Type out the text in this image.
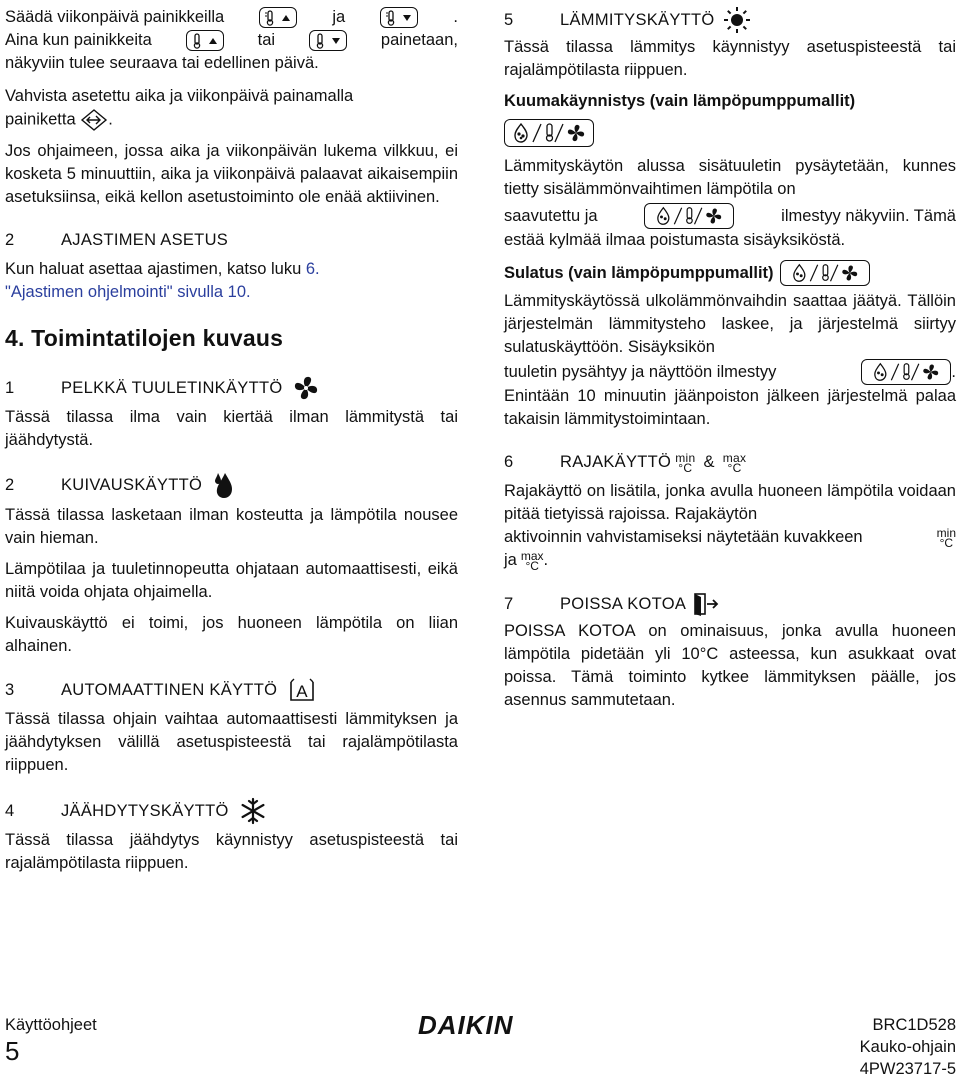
Säädä viikonpäivä painikkeilla	ja	.
Aina kun painikkeita	tai	painetaan,
näkyviin tulee seuraava tai edellinen päivä.

Vahvista asetettu aika ja viikonpäivä painamalla
painiketta .

Jos ohjaimeen, jossa aika ja viikonpäivän lukema vilkkuu, ei kosketa 5 minuuttiin, aika ja viikonpäivä palaavat aikaisempiin asetuksiinsa, eikä kellon asetustoiminto ole enää aktiivinen.

2	AJASTIMEN ASETUS

Kun haluat asettaa ajastimen, katso luku 6.
"Ajastimen ohjelmointi" sivulla 10.

4. Toimintatilojen kuvaus
1	PELKKÄ TUULETINKÄYTTÖ

Tässä tilassa ilma vain kiertää ilman lämmitystä tai jäähdytystä.

2	KUIVAUSKÄYTTÖ

Tässä tilassa lasketaan ilman kosteutta ja lämpötila nousee vain hieman.

Lämpötilaa ja tuuletinnopeutta ohjataan automaattisesti, eikä niitä voida ohjata ohjaimella.

Kuivauskäyttö ei toimi, jos huoneen lämpötila on liian alhainen.

3	AUTOMAATTINEN KÄYTTÖ A

Tässä tilassa ohjain vaihtaa automaattisesti lämmityksen ja jäähdytyksen välillä asetuspisteestä tai rajalämpötilasta riippuen.

4	JÄÄHDYTYSKÄYTTÖ

Tässä tilassa jäähdytys käynnistyy asetuspisteestä tai rajalämpötilasta riippuen.

5	LÄMMITYSKÄYTTÖ

Tässä tilassa lämmitys käynnistyy asetuspisteestä tai rajalämpötilasta riippuen.

Kuumakäynnistys (vain lämpöpumppumallit)

Lämmityskäytön alussa sisätuuletin pysäytetään, kunnes tietty sisälämmönvaihtimen lämpötila on
saavutettu ja	ilmestyy näkyviin. Tämä
estää kylmää ilmaa poistumasta sisäyksiköstä.

Sulatus (vain lämpöpumppumallit)

Lämmityskäytössä ulkolämmönvaihdin saattaa jäätyä. Tällöin järjestelmän lämmitysteho laskee, ja järjestelmä siirtyy sulatuskäyttöön. Sisäyksikön
tuuletin pysähtyy ja näyttöön ilmestyy	.
Enintään 10 minuutin jäänpoiston jälkeen järjestelmä palaa takaisin lämmitystoimintaan.

6	RAJAKÄYTTÖ min
°C & max
°C

Rajakäyttö on lisätila, jonka avulla huoneen lämpötila voidaan pitää tietyissä rajoissa. Rajakäytön
aktivoinnin vahvistamiseksi näytetään kuvakkeen	min
°C
ja max
°C .

7	POISSA KOTOA

POISSA KOTOA on ominaisuus, jonka avulla huoneen lämpötila pidetään yli 10°C asteessa, kun asukkaat ovat poissa. Tämä toiminto kytkee lämmityksen päälle, jos asennus sammutetaan.

Käyttöohjeet
5
DAIKIN	BRC1D528
Kauko-ohjain
4PW23717-5
